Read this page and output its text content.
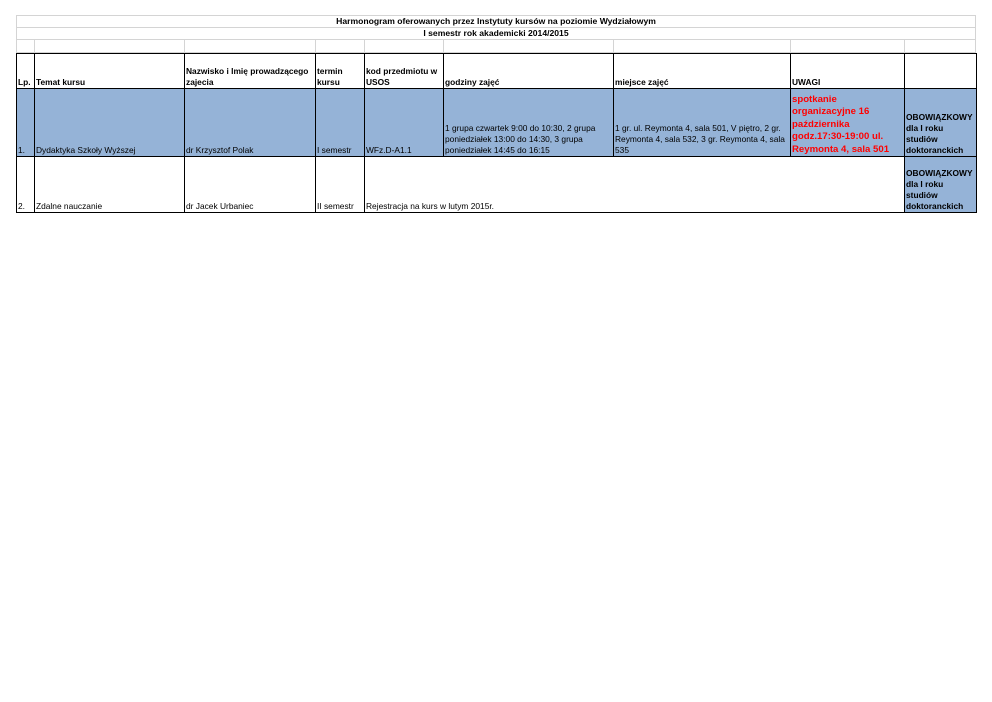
Harmonogram oferowanych przez Instytuty kursów na poziomie Wydziałowym
I semestr rok akademicki 2014/2015
Lp.	Temat kursu	Nazwisko i Imię prowadzącego zajecia	termin kursu	kod przedmiotu w USOS	godziny zajęć	miejsce zajęć	UWAGI	
1.	Dydaktyka Szkoły Wyższej	dr Krzysztof Polak	I semestr	WFz.D-A1.1	1 grupa czwartek 9:00 do 10:30, 2 grupa poniedziałek 13:00 do 14:30, 3 grupa poniedziałek 14:45 do 16:15	1 gr. ul. Reymonta 4, sala 501, V piętro, 2 gr. Reymonta 4, sala 532, 3 gr. Reymonta 4, sala 535	spotkanie organizacyjne 16 października godz.17:30-19:00 ul. Reymonta 4, sala 501	OBOWIĄZKOWY dla I roku studiów doktoranckich
2.	Zdalne nauczanie	dr Jacek Urbaniec	II semestr	Rejestracja na kurs w lutym 2015r.				OBOWIĄZKOWY dla I roku studiów doktoranckich
